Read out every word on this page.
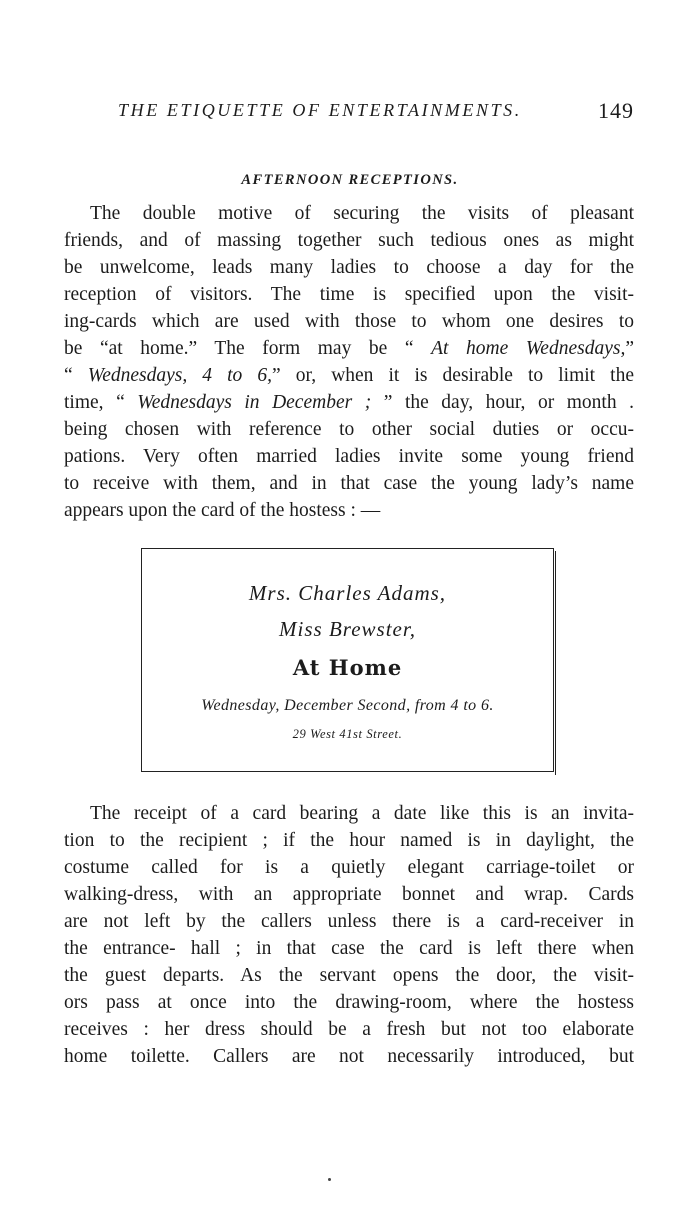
THE ETIQUETTE OF ENTERTAINMENTS.	149
AFTERNOON RECEPTIONS.
The double motive of securing the visits of pleasant
friends, and of massing together such tedious ones as might
be unwelcome, leads many ladies to choose a day for the
reception of visitors. The time is specified upon the visit-
ing-cards which are used with those to whom one desires to
be “at home.” The form may be “ At home Wednesdays,”
“ Wednesdays, 4 to 6,” or, when it is desirable to limit the
time, “ Wednesdays in December ; ” the day, hour, or month .
being chosen with reference to other social duties or occu-
pations. Very often married ladies invite some young friend
to receive with them, and in that case the young lady’s name
appears upon the card of the hostess : —
Mrs. Charles Adams,
Miss Brewster,
At Home
Wednesday, December Second, from 4 to 6.
29 West 41st Street.
The receipt of a card bearing a date like this is an invita-
tion to the recipient ; if the hour named is in daylight, the
costume called for is a quietly elegant carriage-toilet or
walking-dress, with an appropriate bonnet and wrap. Cards
are not left by the callers unless there is a card-receiver in
the entrance- hall ; in that case the card is left there when
the guest departs. As the servant opens the door, the visit-
ors pass at once into the drawing-room, where the hostess
receives : her dress should be a fresh but not too elaborate
home toilette. Callers are not necessarily introduced, but
